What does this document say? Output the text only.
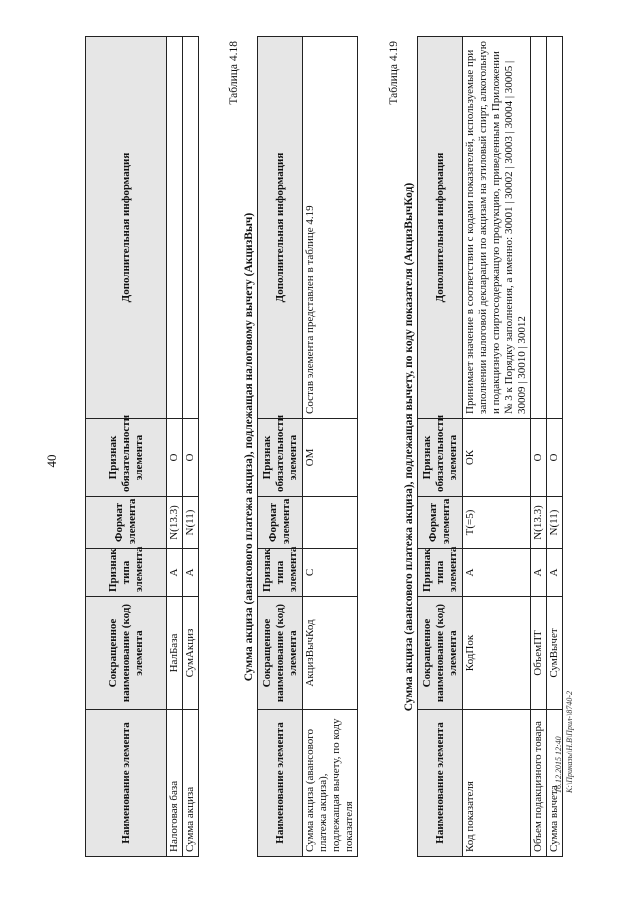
40
Наименование элемента	Сокращенное наименование (код) элемента	Признак типа элемента	Формат элемента	Признак обязательности элемента	Дополнительная информация
Налоговая база	НалБаза	А	N(13.3)	О	
Сумма акциза	СумАкциз	А	N(11)	О	

Таблица 4.18

Сумма акциза (авансового платежа акциза), подлежащая налоговому вычету (АкцизВыч)

Наименование элемента	Сокращенное наименование (код) элемента	Признак типа элемента	Формат элемента	Признак обязательности элемента	Дополнительная информация
Сумма акциза (авансового платежа акциза), подлежащая вычету, по коду показателя	АкцизВычКод	С		ОМ	Состав элемента представлен в таблице 4.19

Таблица 4.19

Сумма акциза (авансового платежа акциза), подлежащая вычету, по коду показателя (АкцизВычКод)

Наименование элемента	Сокращенное наименование (код) элемента	Признак типа элемента	Формат элемента	Признак обязательности элемента	Дополнительная информация
Код показателя	КодПок	А	Т(=5)	ОК	Принимает значение в соответствии с кодами показателей, используемые при заполнении налоговой декларации по акцизам на этиловый спирт, алкогольную и подакцизную спиртосодержащую продукцию, приведенным в Приложении № 3 к Порядку заполнения, а именно: 30001 | 30002 | 30003 | 30004 | 30005 | 30009 | 30010 | 30012
Объем подакцизного товара	ОбъемПТ	А	N(13.3)	О	
Сумма вычета	СумВычет	А	N(11)	О	
16.12.2015 12:40 К:\Приказы\Н.В\Прил-\8740-2
